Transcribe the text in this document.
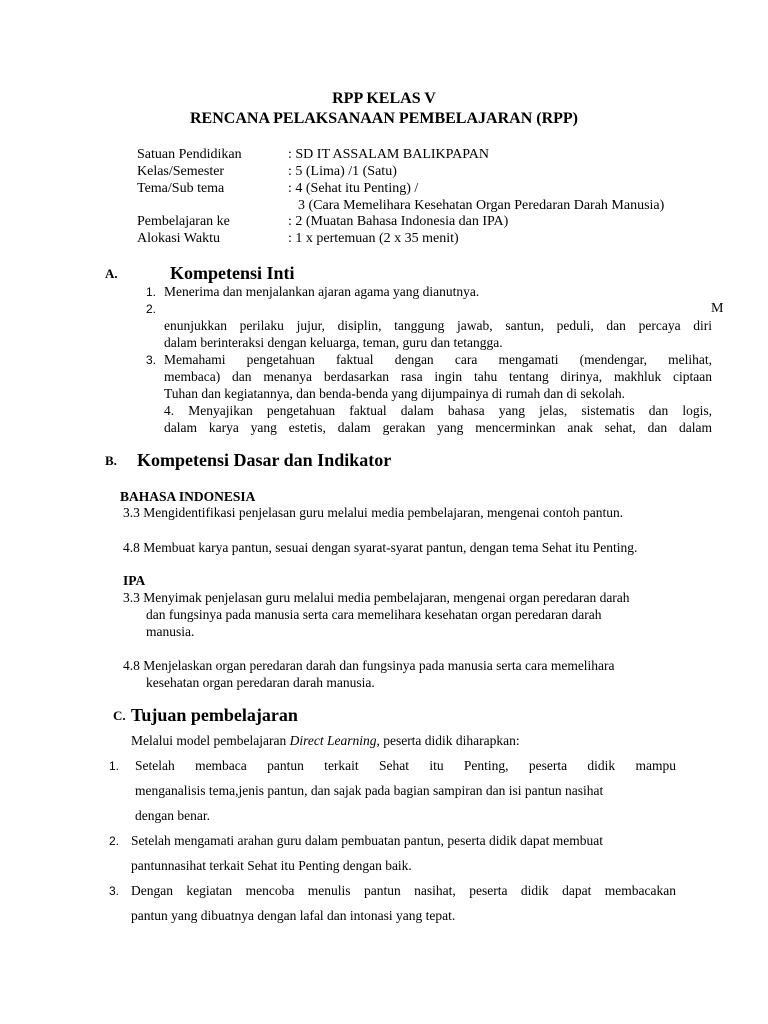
RPP KELAS V
RENCANA PELAKSANAAN PEMBELAJARAN (RPP)
Satuan Pendidikan	: SD IT ASSALAM BALIKPAPAN
Kelas/Semester	: 5 (Lima) /1 (Satu)
Tema/Sub tema	: 4 (Sehat itu Penting) /
3 (Cara Memelihara Kesehatan Organ Peredaran Darah Manusia)
Pembelajaran ke	: 2 (Muatan Bahasa Indonesia dan IPA)
Alokasi Waktu	: 1 x pertemuan (2 x 35 menit)
A.	Kompetensi Inti
1. Menerima dan menjalankan ajaran agama yang dianutnya.
2.	M
enunjukkan perilaku jujur, disiplin, tanggung jawab, santun, peduli, dan percaya diri
dalam berinteraksi dengan keluarga, teman, guru dan tetangga.
3. Memahami pengetahuan faktual dengan cara mengamati (mendengar, melihat,
membaca) dan menanya berdasarkan rasa ingin tahu tentang dirinya, makhluk ciptaan
Tuhan dan kegiatannya, dan benda-benda yang dijumpainya di rumah dan di sekolah.
4. Menyajikan pengetahuan faktual dalam bahasa yang jelas, sistematis dan logis,
dalam karya yang estetis, dalam gerakan yang mencerminkan anak sehat, dan dalam
B. Kompetensi Dasar dan Indikator
BAHASA INDONESIA
3.3 Mengidentifikasi penjelasan guru melalui media pembelajaran, mengenai contoh pantun.
4.8 Membuat karya pantun, sesuai dengan syarat-syarat pantun, dengan tema Sehat itu Penting.
IPA
3.3 Menyimak penjelasan guru melalui media pembelajaran, mengenai organ peredaran darah
dan fungsinya pada manusia serta cara memelihara kesehatan organ peredaran darah
manusia.
4.8 Menjelaskan organ peredaran darah dan fungsinya pada manusia serta cara memelihara
kesehatan organ peredaran darah manusia.
C. Tujuan pembelajaran
Melalui model pembelajaran Direct Learning, peserta didik diharapkan:
1. Setelah membaca pantun terkait Sehat itu Penting, peserta didik mampu
menganalisis tema,jenis pantun, dan sajak pada bagian sampiran dan isi pantun nasihat
dengan benar.
2. Setelah mengamati arahan guru dalam pembuatan pantun, peserta didik dapat membuat
pantunnasihat terkait Sehat itu Penting dengan baik.
3. Dengan kegiatan mencoba menulis pantun nasihat, peserta didik dapat membacakan
pantun yang dibuatnya dengan lafal dan intonasi yang tepat.
